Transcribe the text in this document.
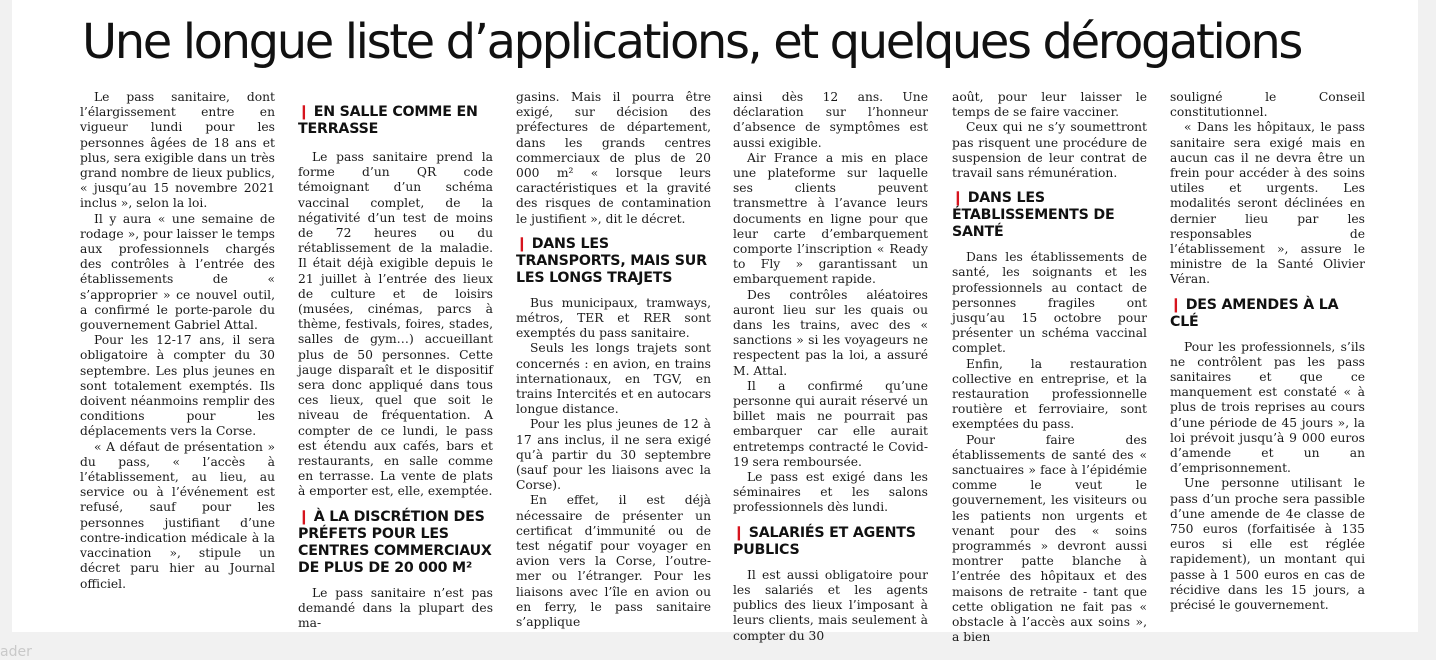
Une longue liste d’applications, et quelques dérogations

Le pass sanitaire, dont l’élargissement entre en vigueur lundi pour les personnes âgées de 18 ans et plus, sera exigible dans un très grand nombre de lieux publics, « jusqu’au 15 novembre 2021 inclus », selon la loi.

Il y aura « une semaine de rodage », pour laisser le temps aux professionnels chargés des contrôles à l’entrée des établissements de « s’approprier » ce nouvel outil, a confirmé le porte-parole du gouvernement Gabriel Attal.

Pour les 12-17 ans, il sera obligatoire à compter du 30 septembre. Les plus jeunes en sont totalement exemptés. Ils doivent néanmoins remplir des conditions pour les déplacements vers la Corse.

« A défaut de présentation » du pass, « l’accès à l’établissement, au lieu, au service ou à l’événement est refusé, sauf pour les personnes justifiant d’une contre-indication médicale à la vaccination », stipule un décret paru hier au Journal officiel.

❙ EN SALLE COMME EN TERRASSE

Le pass sanitaire prend la forme d’un QR code témoignant d’un schéma vaccinal complet, de la négativité d’un test de moins de 72 heures ou du rétablissement de la maladie. Il était déjà exigible depuis le 21 juillet à l’entrée des lieux de culture et de loisirs (musées, cinémas, parcs à thème, festivals, foires, stades, salles de gym…) accueillant plus de 50 personnes. Cette jauge disparaît et le dispositif sera donc appliqué dans tous ces lieux, quel que soit le niveau de fréquentation. A compter de ce lundi, le pass est étendu aux cafés, bars et restaurants, en salle comme en terrasse. La vente de plats à emporter est, elle, exemptée.

❙ À LA DISCRÉTION DES PRÉFETS POUR LES CENTRES COMMERCIAUX DE PLUS DE 20 000 M²

Le pass sanitaire n’est pas demandé dans la plupart des ma-

gasins. Mais il pourra être exigé, sur décision des préfectures de département, dans les grands centres commerciaux de plus de 20 000 m² « lorsque leurs caractéristiques et la gravité des risques de contamination le justifient », dit le décret.

❙ DANS LES TRANSPORTS, MAIS SUR LES LONGS TRAJETS

Bus municipaux, tramways, métros, TER et RER sont exemptés du pass sanitaire.

Seuls les longs trajets sont concernés : en avion, en trains internationaux, en TGV, en trains Intercités et en autocars longue distance.

Pour les plus jeunes de 12 à 17 ans inclus, il ne sera exigé qu’à partir du 30 septembre (sauf pour les liaisons avec la Corse).

En effet, il est déjà nécessaire de présenter un certificat d’immunité ou de test négatif pour voyager en avion vers la Corse, l’outre-mer ou l’étranger. Pour les liaisons avec l’île en avion ou en ferry, le pass sanitaire s’applique

ainsi dès 12 ans. Une déclaration sur l’honneur d’absence de symptômes est aussi exigible.

Air France a mis en place une plateforme sur laquelle ses clients peuvent transmettre à l’avance leurs documents en ligne pour que leur carte d’embarquement comporte l’inscription « Ready to Fly » garantissant un embarquement rapide.

Des contrôles aléatoires auront lieu sur les quais ou dans les trains, avec des « sanctions » si les voyageurs ne respectent pas la loi, a assuré M. Attal.

Il a confirmé qu’une personne qui aurait réservé un billet mais ne pourrait pas embarquer car elle aurait entretemps contracté le Covid-19 sera remboursée.

Le pass est exigé dans les séminaires et les salons professionnels dès lundi.

❙ SALARIÉS ET AGENTS PUBLICS

Il est aussi obligatoire pour les salariés et les agents publics des lieux l’imposant à leurs clients, mais seulement à compter du 30

août, pour leur laisser le temps de se faire vacciner.

Ceux qui ne s’y soumettront pas risquent une procédure de suspension de leur contrat de travail sans rémunération.

❙ DANS LES ÉTABLISSEMENTS DE SANTÉ

Dans les établissements de santé, les soignants et les professionnels au contact de personnes fragiles ont jusqu’au 15 octobre pour présenter un schéma vaccinal complet.

Enfin, la restauration collective en entreprise, et la restauration professionnelle routière et ferroviaire, sont exemptées du pass.

Pour faire des établissements de santé des « sanctuaires » face à l’épidémie comme le veut le gouvernement, les visiteurs ou les patients non urgents et venant pour des « soins programmés » devront aussi montrer patte blanche à l’entrée des hôpitaux et des maisons de retraite - tant que cette obligation ne fait pas « obstacle à l’accès aux soins », a bien

souligné le Conseil constitutionnel.

« Dans les hôpitaux, le pass sanitaire sera exigé mais en aucun cas il ne devra être un frein pour accéder à des soins utiles et urgents. Les modalités seront déclinées en dernier lieu par les responsables de l’établissement », assure le ministre de la Santé Olivier Véran.

❙ DES AMENDES À LA CLÉ

Pour les professionnels, s’ils ne contrôlent pas les pass sanitaires et que ce manquement est constaté « à plus de trois reprises au cours d’une période de 45 jours », la loi prévoit jusqu’à 9 000 euros d’amende et un an d’emprisonnement.

Une personne utilisant le pass d’un proche sera passible d’une amende de 4e classe de 750 euros (forfaitisée à 135 euros si elle est réglée rapidement), un montant qui passe à 1 500 euros en cas de récidive dans les 15 jours, a précisé le gouvernement.

ader
